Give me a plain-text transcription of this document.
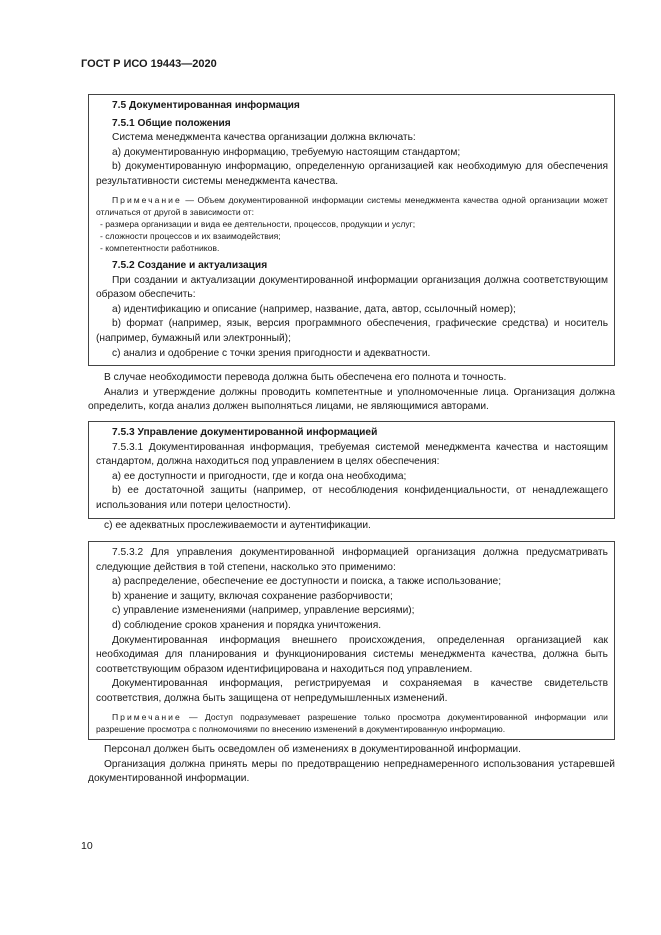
ГОСТ Р ИСО 19443—2020

7.5 Документированная информация

7.5.1 Общие положения

Система менеджмента качества организации должна включать:

a) документированную информацию, требуемую настоящим стандартом;

b) документированную информацию, определенную организацией как необходимую для обеспечения результативности системы менеджмента качества.

Примечание — Объем документированной информации системы менеджмента качества одной организации может отличаться от другой в зависимости от:

- размера организации и вида ее деятельности, процессов, продукции и услуг;

- сложности процессов и их взаимодействия;

- компетентности работников.

7.5.2 Создание и актуализация

При создании и актуализации документированной информации организация должна соответствующим образом обеспечить:

a) идентификацию и описание (например, название, дата, автор, ссылочный номер);

b) формат (например, язык, версия программного обеспечения, графические средства) и носитель (например, бумажный или электронный);

c) анализ и одобрение с точки зрения пригодности и адекватности.

В случае необходимости перевода должна быть обеспечена его полнота и точность.

Анализ и утверждение должны проводить компетентные и уполномоченные лица. Организация должна определить, когда анализ должен выполняться лицами, не являющимися авторами.

7.5.3 Управление документированной информацией

7.5.3.1 Документированная информация, требуемая системой менеджмента качества и настоящим стандартом, должна находиться под управлением в целях обеспечения:

a) ее доступности и пригодности, где и когда она необходима;

b) ее достаточной защиты (например, от несоблюдения конфиденциальности, от ненадлежащего использования или потери целостности).

c) ее адекватных прослеживаемости и аутентификации.

7.5.3.2 Для управления документированной информацией организация должна предусматривать следующие действия в той степени, насколько это применимо:

a) распределение, обеспечение ее доступности и поиска, а также использование;

b) хранение и защиту, включая сохранение разборчивости;

c) управление изменениями (например, управление версиями);

d) соблюдение сроков хранения и порядка уничтожения.

Документированная информация внешнего происхождения, определенная организацией как необходимая для планирования и функционирования системы менеджмента качества, должна быть соответствующим образом идентифицирована и находиться под управлением.

Документированная информация, регистрируемая и сохраняемая в качестве свидетельств соответствия, должна быть защищена от непредумышленных изменений.

Примечание — Доступ подразумевает разрешение только просмотра документированной информации или разрешение просмотра с полномочиями по внесению изменений в документированную информацию.

Персонал должен быть осведомлен об изменениях в документированной информации.

Организация должна принять меры по предотвращению непреднамеренного использования устаревшей документированной информации.

10
